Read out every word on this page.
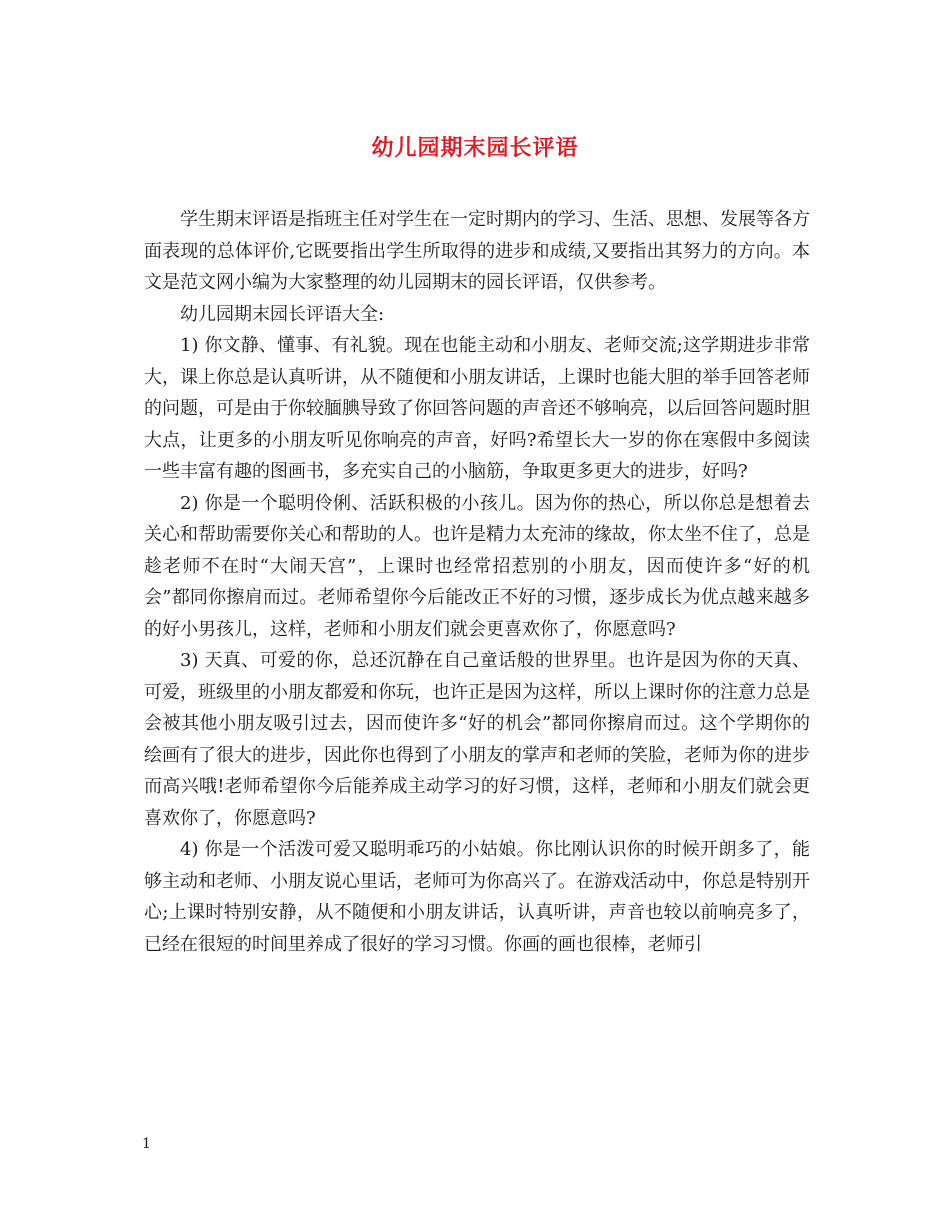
幼儿园期末园长评语

学生期末评语是指班主任对学生在一定时期内的学习、生活、思想、发展等各方面表现的总体评价,它既要指出学生所取得的进步和成绩,又要指出其努力的方向。本文是范文网小编为大家整理的幼儿园期末的园长评语，仅供参考。

幼儿园期末园长评语大全:

1) 你文静、懂事、有礼貌。现在也能主动和小朋友、老师交流;这学期进步非常大，课上你总是认真听讲，从不随便和小朋友讲话，上课时也能大胆的举手回答老师的问题，可是由于你较腼腆导致了你回答问题的声音还不够响亮，以后回答问题时胆大点，让更多的小朋友听见你响亮的声音，好吗?希望长大一岁的你在寒假中多阅读一些丰富有趣的图画书，多充实自己的小脑筋，争取更多更大的进步，好吗?

2) 你是一个聪明伶俐、活跃积极的小孩儿。因为你的热心，所以你总是想着去关心和帮助需要你关心和帮助的人。也许是精力太充沛的缘故，你太坐不住了，总是趁老师不在时“大闹天宫”，上课时也经常招惹别的小朋友，因而使许多“好的机会”都同你擦肩而过。老师希望你今后能改正不好的习惯，逐步成长为优点越来越多的好小男孩儿，这样，老师和小朋友们就会更喜欢你了，你愿意吗?

3) 天真、可爱的你，总还沉静在自己童话般的世界里。也许是因为你的天真、可爱，班级里的小朋友都爱和你玩，也许正是因为这样，所以上课时你的注意力总是会被其他小朋友吸引过去，因而使许多“好的机会”都同你擦肩而过。这个学期你的绘画有了很大的进步，因此你也得到了小朋友的掌声和老师的笑脸，老师为你的进步而高兴哦!老师希望你今后能养成主动学习的好习惯，这样，老师和小朋友们就会更喜欢你了，你愿意吗?

4) 你是一个活泼可爱又聪明乖巧的小姑娘。你比刚认识你的时候开朗多了，能够主动和老师、小朋友说心里话，老师可为你高兴了。在游戏活动中，你总是特别开心;上课时特别安静，从不随便和小朋友讲话，认真听讲，声音也较以前响亮多了，已经在很短的时间里养成了很好的学习习惯。你画的画也很棒，老师引

1
